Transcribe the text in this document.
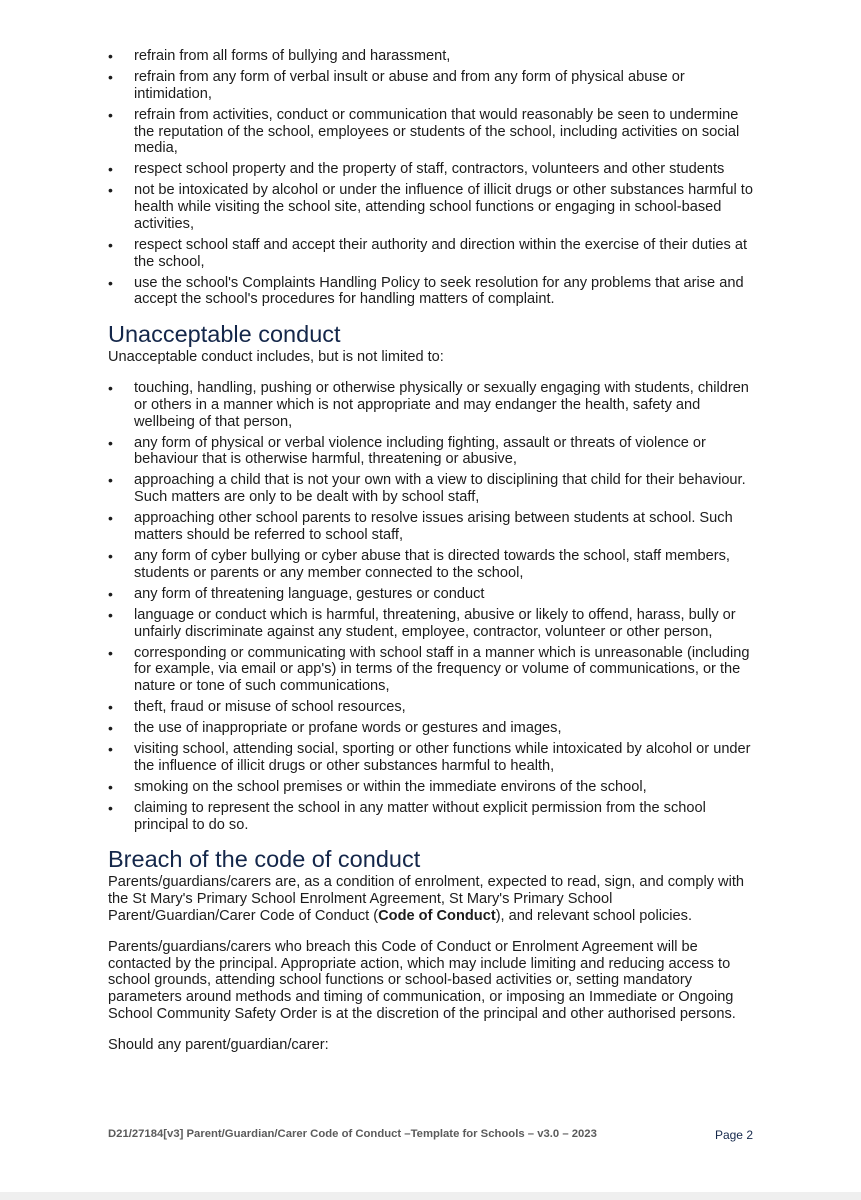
• refrain from all forms of bullying and harassment,
• refrain from any form of verbal insult or abuse and from any form of physical abuse or intimidation,
• refrain from activities, conduct or communication that would reasonably be seen to undermine the reputation of the school, employees or students of the school, including activities on social media,
• respect school property and the property of staff, contractors, volunteers and other students
• not be intoxicated by alcohol or under the influence of illicit drugs or other substances harmful to health while visiting the school site, attending school functions or engaging in school-based activities,
• respect school staff and accept their authority and direction within the exercise of their duties at the school,
• use the school's Complaints Handling Policy to seek resolution for any problems that arise and accept the school's procedures for handling matters of complaint.
Unacceptable conduct

Unacceptable conduct includes, but is not limited to:

• touching, handling, pushing or otherwise physically or sexually engaging with students, children or others in a manner which is not appropriate and may endanger the health, safety and wellbeing of that person,
• any form of physical or verbal violence including fighting, assault or threats of violence or behaviour that is otherwise harmful, threatening or abusive,
• approaching a child that is not your own with a view to disciplining that child for their behaviour. Such matters are only to be dealt with by school staff,
• approaching other school parents to resolve issues arising between students at school. Such matters should be referred to school staff,
• any form of cyber bullying or cyber abuse that is directed towards the school, staff members, students or parents or any member connected to the school,
• any form of threatening language, gestures or conduct
• language or conduct which is harmful, threatening, abusive or likely to offend, harass, bully or unfairly discriminate against any student, employee, contractor, volunteer or other person,
• corresponding or communicating with school staff in a manner which is unreasonable (including for example, via email or app's) in terms of the frequency or volume of communications, or the nature or tone of such communications,
• theft, fraud or misuse of school resources,
• the use of inappropriate or profane words or gestures and images,
• visiting school, attending social, sporting or other functions while intoxicated by alcohol or under the influence of illicit drugs or other substances harmful to health,
• smoking on the school premises or within the immediate environs of the school,
• claiming to represent the school in any matter without explicit permission from the school principal to do so.
Breach of the code of conduct

Parents/guardians/carers are, as a condition of enrolment, expected to read, sign, and comply with the St Mary's Primary School Enrolment Agreement, St Mary's Primary School Parent/Guardian/Carer Code of Conduct (Code of Conduct), and relevant school policies.

Parents/guardians/carers who breach this Code of Conduct or Enrolment Agreement will be contacted by the principal. Appropriate action, which may include limiting and reducing access to school grounds, attending school functions or school-based activities or, setting mandatory parameters around methods and timing of communication, or imposing an Immediate or Ongoing School Community Safety Order is at the discretion of the principal and other authorised persons.

Should any parent/guardian/carer:

D21/27184[v3] Parent/Guardian/Carer Code of Conduct –Template for Schools – v3.0 – 2023	Page 2
